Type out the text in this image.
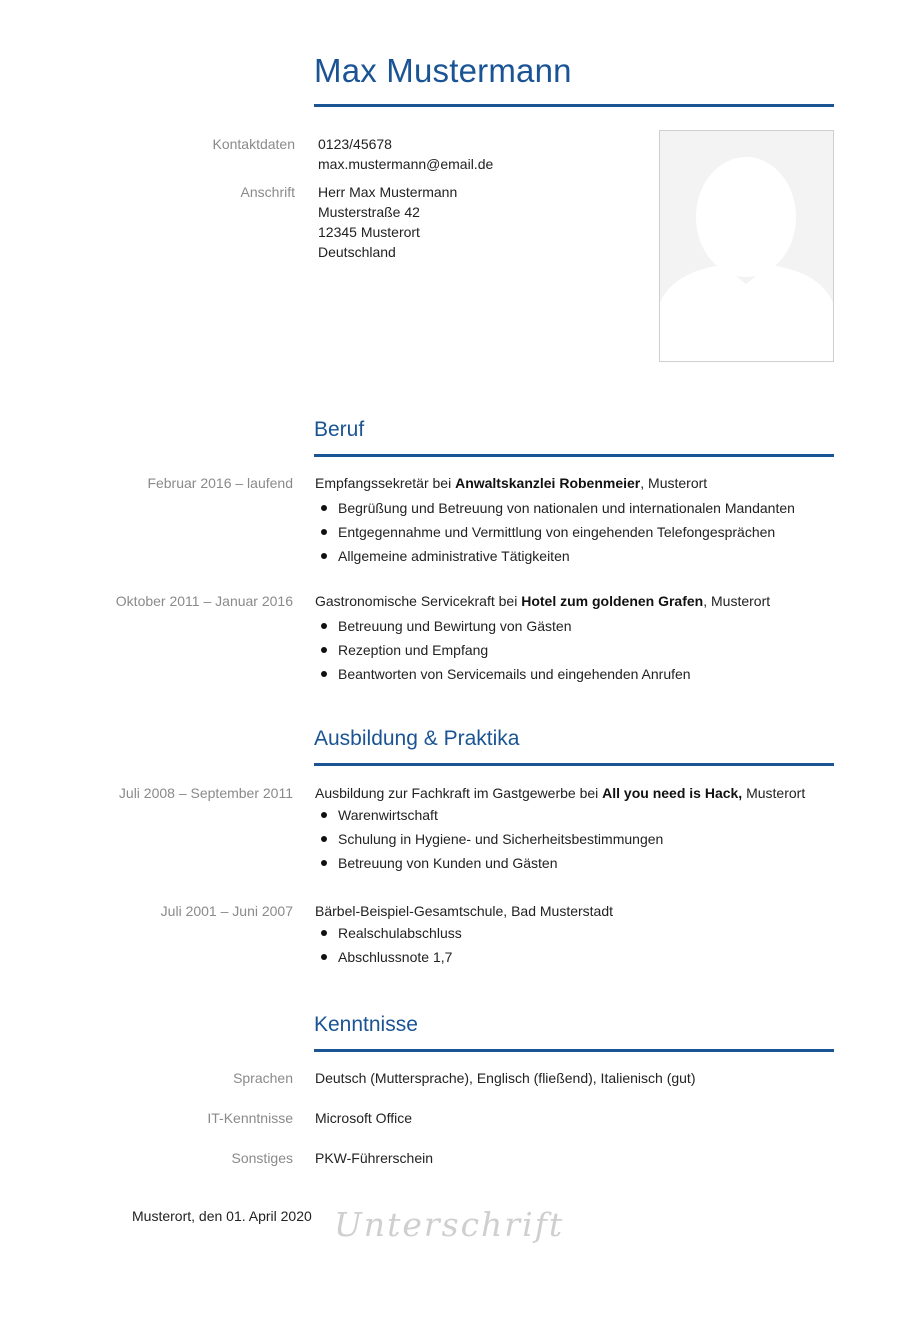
Max Mustermann
Kontaktdaten 0123/45678
max.mustermann@email.de
Anschrift Herr Max Mustermann
Musterstraße 42
12345 Musterort
Deutschland
Beruf
Februar 2016 – laufend Empfangssekretär bei Anwaltskanzlei Robenmeier, Musterort
Begrüßung und Betreuung von nationalen und internationalen Mandanten
Entgegennahme und Vermittlung von eingehenden Telefongesprächen
Allgemeine administrative Tätigkeiten
Oktober 2011 – Januar 2016 Gastronomische Servicekraft bei Hotel zum goldenen Grafen, Musterort
Betreuung und Bewirtung von Gästen
Rezeption und Empfang
Beantworten von Servicemails und eingehenden Anrufen
Ausbildung & Praktika
Juli 2008 – September 2011 Ausbildung zur Fachkraft im Gastgewerbe bei All you need is Hack, Musterort
Warenwirtschaft
Schulung in Hygiene- und Sicherheitsbestimmungen
Betreuung von Kunden und Gästen
Juli 2001 – Juni 2007 Bärbel-Beispiel-Gesamtschule, Bad Musterstadt
Realschulabschluss
Abschlussnote 1,7
Kenntnisse
Sprachen Deutsch (Muttersprache), Englisch (fließend), Italienisch (gut)
IT-Kenntnisse Microsoft Office
Sonstiges PKW-Führerschein
Musterort, den 01. April 2020 Unterschrift
